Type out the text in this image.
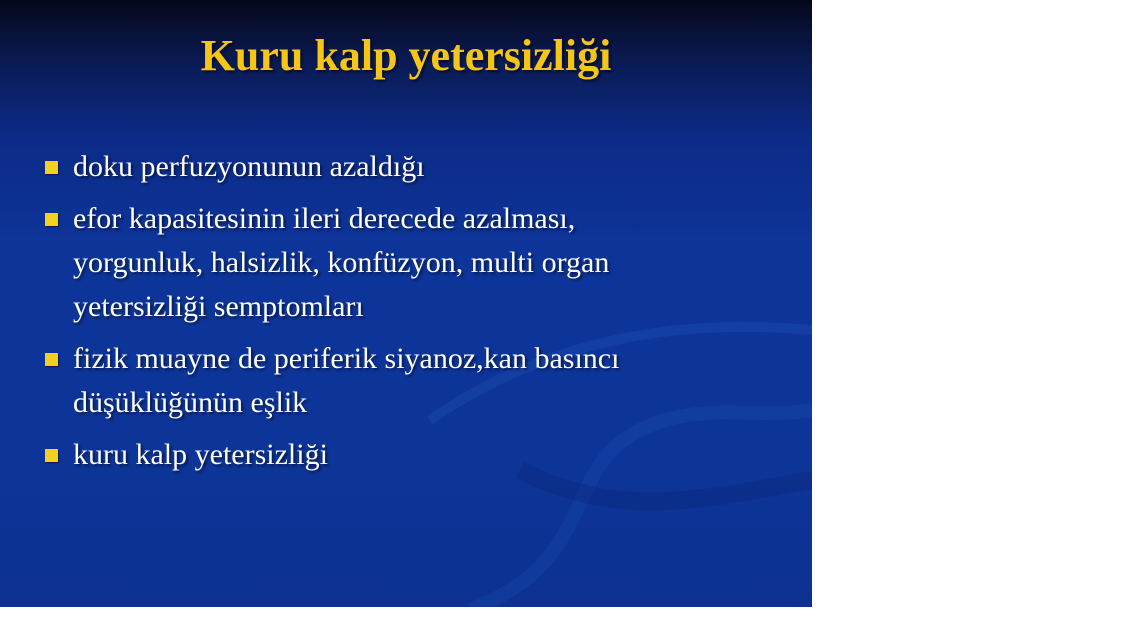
Kuru kalp yetersizliği
doku perfuzyonunun azaldığı
efor kapasitesinin ileri derecede azalması,
yorgunluk, halsizlik, konfüzyon, multi organ
yetersizliği semptomları
fizik muayne de periferik siyanoz,kan basıncı
düşüklüğünün eşlik
kuru kalp yetersizliği
